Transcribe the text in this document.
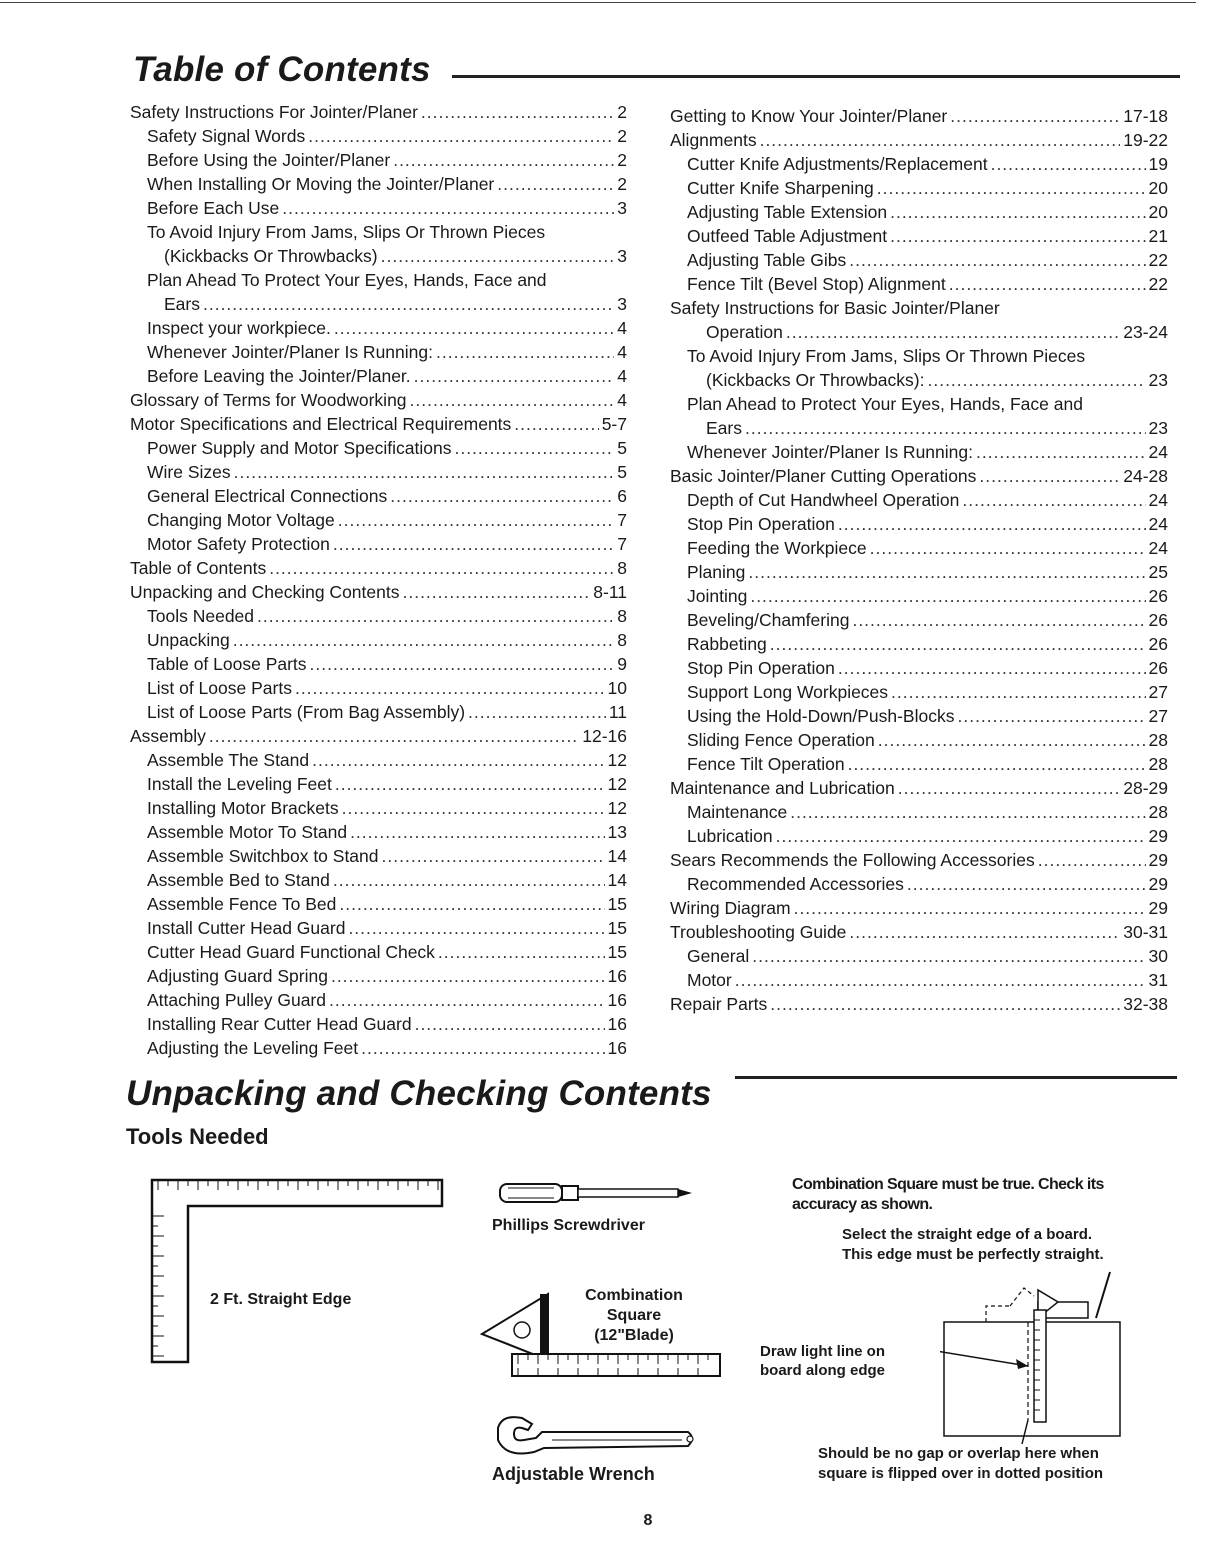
Table of Contents
Safety Instructions For Jointer/Planer .....	2
Safety Signal Words .....	2
Before Using the Jointer/Planer .....	2
When Installing Or Moving the Jointer/Planer .....	2
Before Each Use .....	3
To Avoid Injury From Jams, Slips Or Thrown Pieces
(Kickbacks Or Throwbacks) .....	3
Plan Ahead To Protect Your Eyes, Hands, Face and
Ears .....	3
Inspect your workpiece. .....	4
Whenever Jointer/Planer Is Running: .....	4
Before Leaving the Jointer/Planer. .....	4
Glossary of Terms for Woodworking .....	4
Motor Specifications and Electrical Requirements .....	5-7
Power Supply and Motor Specifications .....	5
Wire Sizes .....	5
General Electrical Connections .....	6
Changing Motor Voltage .....	7
Motor Safety Protection .....	7
Table of Contents .....	8
Unpacking and Checking Contents .....	8-11
Tools Needed .....	8
Unpacking .....	8
Table of Loose Parts .....	9
List of Loose Parts .....	10
List of Loose Parts (From Bag Assembly) .....	11
Assembly .....	12-16
Assemble The Stand .....	12
Install the Leveling Feet .....	12
Installing Motor Brackets .....	12
Assemble Motor To Stand .....	13
Assemble Switchbox to Stand .....	14
Assemble Bed to Stand .....	14
Assemble Fence To Bed .....	15
Install Cutter Head Guard .....	15
Cutter Head Guard Functional Check .....	15
Adjusting Guard Spring .....	16
Attaching Pulley Guard .....	16
Installing Rear Cutter Head Guard .....	16
Adjusting the Leveling Feet .....	16
Getting to Know Your Jointer/Planer .....	17-18
Alignments .....	19-22
Cutter Knife Adjustments/Replacement .....	19
Cutter Knife Sharpening .....	20
Adjusting Table Extension .....	20
Outfeed Table Adjustment .....	21
Adjusting Table Gibs .....	22
Fence Tilt (Bevel Stop) Alignment .....	22
Safety Instructions for Basic Jointer/Planer
Operation .....	23-24
To Avoid Injury From Jams, Slips Or Thrown Pieces
(Kickbacks Or Throwbacks): .....	23
Plan Ahead to Protect Your Eyes, Hands, Face and
Ears .....	23
Whenever Jointer/Planer Is Running: .....	24
Basic Jointer/Planer Cutting Operations .....	24-28
Depth of Cut Handwheel Operation .....	24
Stop Pin Operation .....	24
Feeding the Workpiece .....	24
Planing .....	25
Jointing .....	26
Beveling/Chamfering .....	26
Rabbeting .....	26
Stop Pin Operation .....	26
Support Long Workpieces .....	27
Using the Hold-Down/Push-Blocks .....	27
Sliding Fence Operation .....	28
Fence Tilt Operation .....	28
Maintenance and Lubrication .....	28-29
Maintenance .....	28
Lubrication .....	29
Sears Recommends the Following Accessories .....	29
Recommended Accessories .....	29
Wiring Diagram .....	29
Troubleshooting Guide .....	30-31
General .....	30
Motor .....	31
Repair Parts .....	32-38
Unpacking and Checking Contents
Tools Needed
2 Ft. Straight Edge
Phillips Screwdriver
Combination
Square
(12"Blade)
Adjustable Wrench
Combination Square must be true. Check its
accuracy as shown.
Select the straight edge of a board.
This edge must be perfectly straight.
Draw light line on
board along edge
Should be no gap or overlap here when
square is flipped over in dotted position
8
